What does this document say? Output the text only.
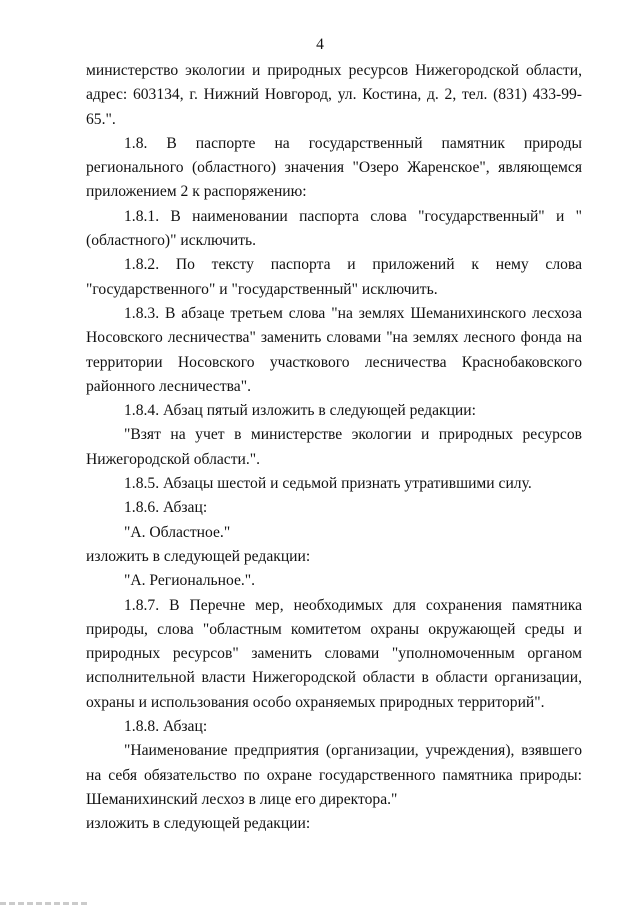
4

министерство экологии и природных ресурсов Нижегородской области, адрес: 603134, г. Нижний Новгород, ул. Костина, д. 2, тел. (831) 433-99-65.".

1.8. В паспорте на государственный памятник природы регионального (областного) значения "Озеро Жаренское", являющемся приложением 2 к распоряжению:

1.8.1. В наименовании паспорта слова "государственный" и "(областного)" исключить.

1.8.2. По тексту паспорта и приложений к нему слова "государственного" и "государственный" исключить.

1.8.3. В абзаце третьем слова "на землях Шеманихинского лесхоза Носовского лесничества" заменить словами "на землях лесного фонда на территории Носовского участкового лесничества Краснобаковского районного лесничества".

1.8.4. Абзац пятый изложить в следующей редакции:

"Взят на учет в министерстве экологии и природных ресурсов Нижегородской области.".

1.8.5. Абзацы шестой и седьмой признать утратившими силу.

1.8.6. Абзац:

"А. Областное."

изложить в следующей редакции:

"А. Региональное.".

1.8.7. В Перечне мер, необходимых для сохранения памятника природы, слова "областным комитетом охраны окружающей среды и природных ресурсов" заменить словами "уполномоченным органом исполнительной власти Нижегородской области в области организации, охраны и использования особо охраняемых природных территорий".

1.8.8. Абзац:

"Наименование предприятия (организации, учреждения), взявшего на себя обязательство по охране государственного памятника природы: Шеманихинский лесхоз в лице его директора."

изложить в следующей редакции:
